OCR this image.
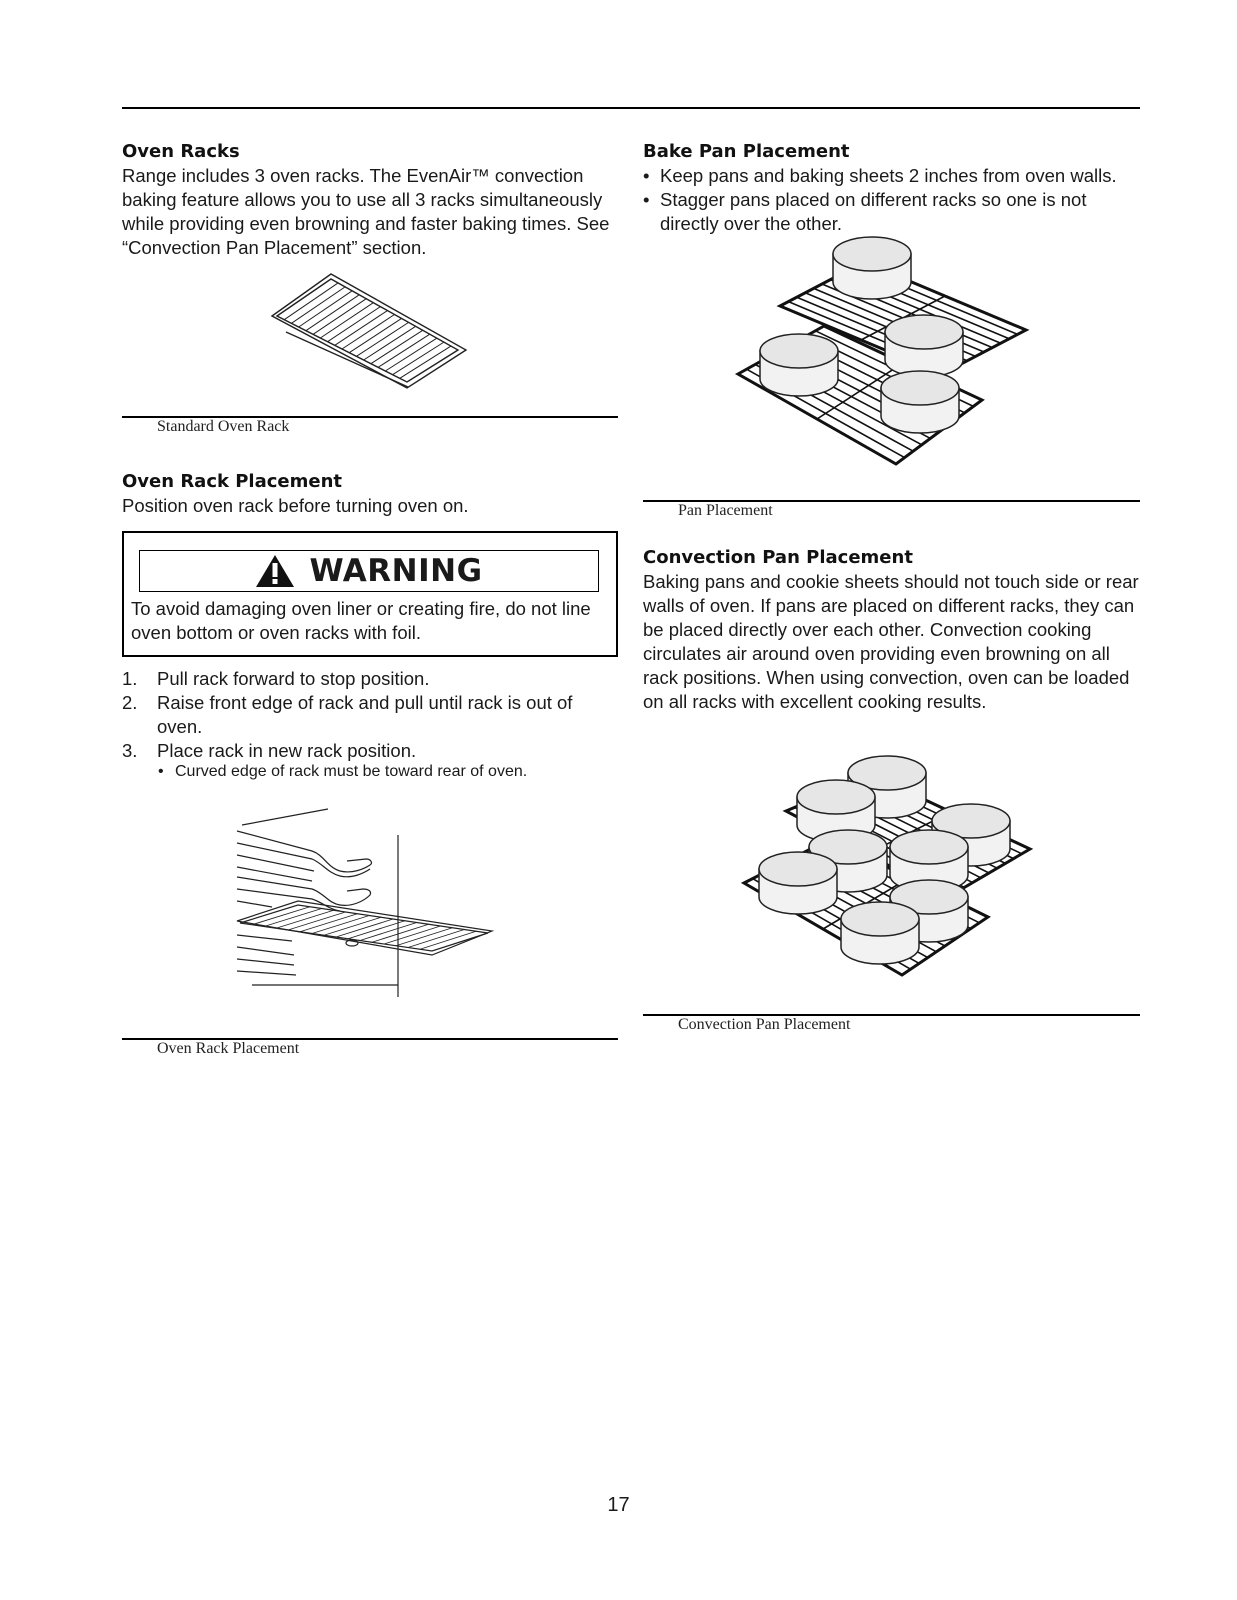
Oven Racks

Range includes 3 oven racks. The EvenAir™ convection baking feature allows you to use all 3 racks simultaneously while providing even browning and faster baking times. See “Convection Pan Placement” section.

Standard Oven Rack
Oven Rack Placement

Position oven rack before turning oven on.

WARNING
To avoid damaging oven liner or creating fire, do not line oven bottom or oven racks with foil.
1. Pull rack forward to stop position.
2. Raise front edge of rack and pull until rack is out of oven.
3. Place rack in new rack position.
• Curved edge of rack must be toward rear of oven.
Oven Rack Placement
Bake Pan Placement
• Keep pans and baking sheets 2 inches from oven walls.
• Stagger pans placed on different racks so one is not directly over the other.
Pan Placement
Convection Pan Placement

Baking pans and cookie sheets should not touch side or rear walls of oven. If pans are placed on different racks, they can be placed directly over each other. Convection cooking circulates air around oven providing even browning on all rack positions. When using convection, oven can be loaded on all racks with excellent cooking results.

Convection Pan Placement
17
